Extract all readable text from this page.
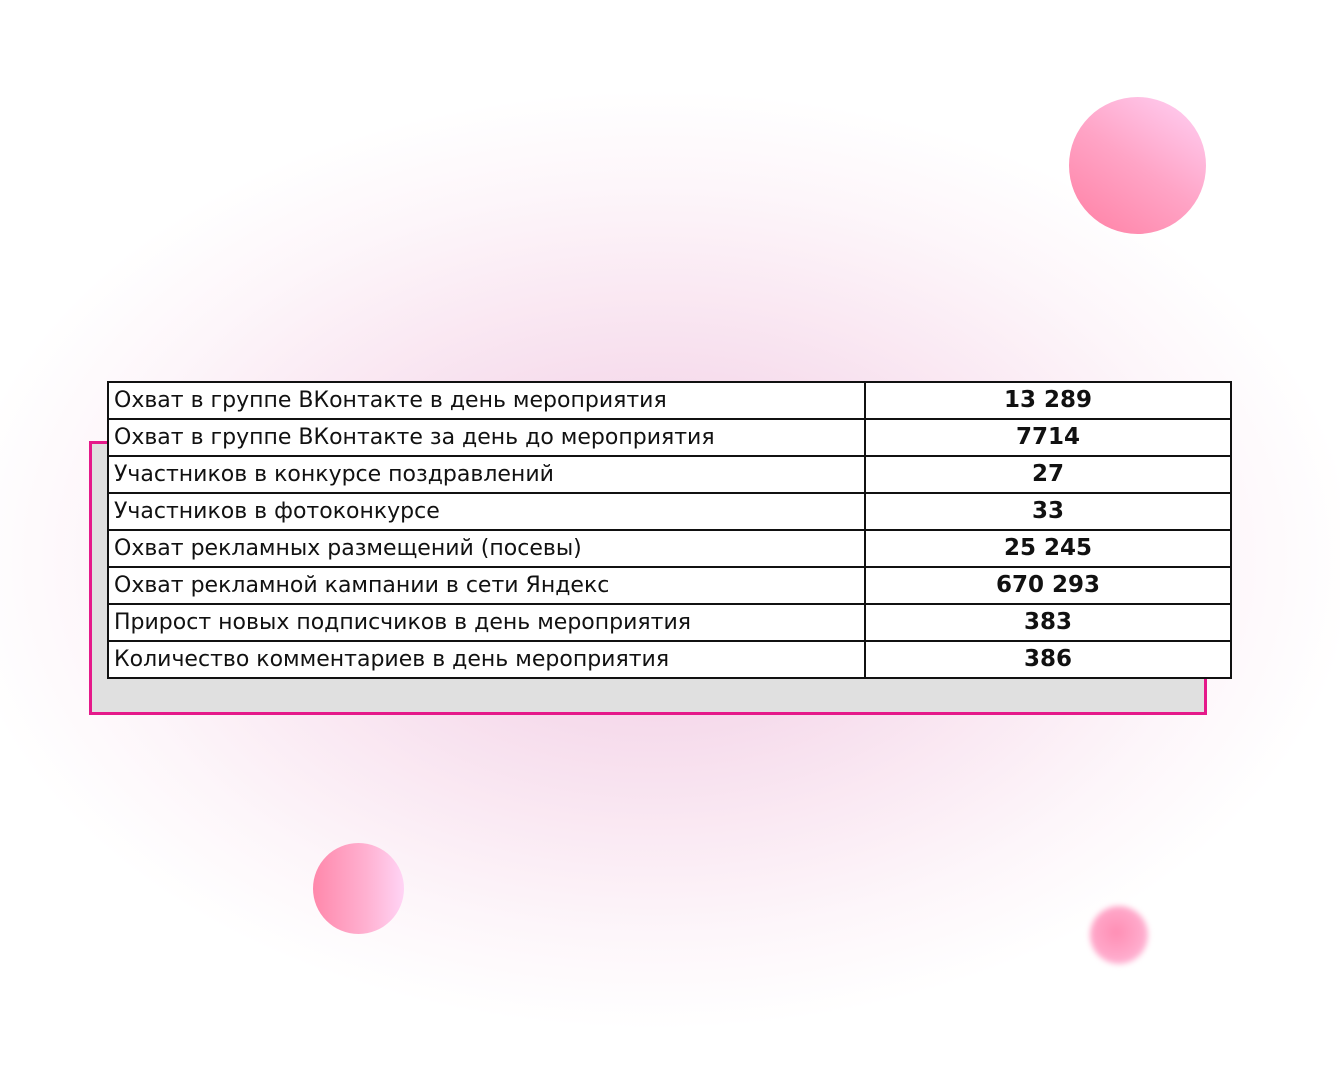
Охват в группе ВКонтакте в день мероприятия	13 289
Охват в группе ВКонтакте за день до мероприятия	7714
Участников в конкурсе поздравлений	27
Участников в фотоконкурсе	33
Охват рекламных размещений (посевы)	25 245
Охват рекламной кампании в сети Яндекс	670 293
Прирост новых подписчиков в день мероприятия	383
Количество комментариев в день мероприятия	386
